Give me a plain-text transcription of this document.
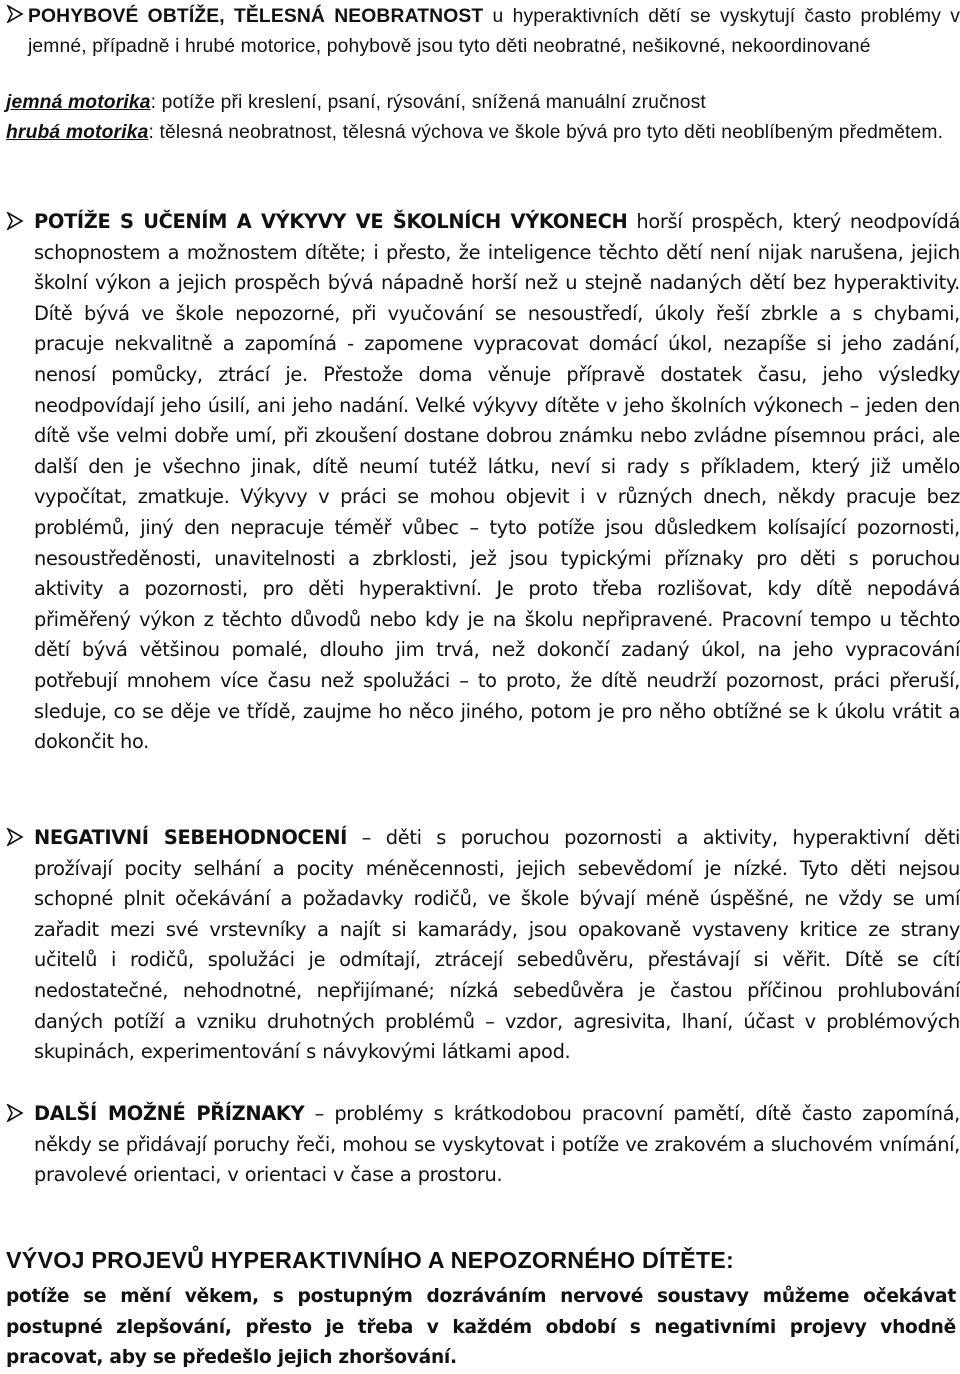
POHYBOVÉ OBTÍŽE, TĚLESNÁ NEOBRATNOST u hyperaktivních dětí se vyskytují často problémy v jemné, případně i hrubé motorice, pohybově jsou tyto děti neobratné, nešikovné, nekoordinované
jemná motorika: potíže při kreslení, psaní, rýsování, snížená manuální zručnost
hrubá motorika: tělesná neobratnost, tělesná výchova ve škole bývá pro tyto děti neoblíbeným předmětem.
POTÍŽE S UČENÍM A VÝKYVY VE ŠKOLNÍCH VÝKONECH horší prospěch, který neodpovídá schopnostem a možnostem dítěte; i přesto, že inteligence těchto dětí není nijak narušena, jejich školní výkon a jejich prospěch bývá nápadně horší než u stejně nadaných dětí bez hyperaktivity. Dítě bývá ve škole nepozorné, při vyučování se nesoustředí, úkoly řeší zbrkle a s chybami, pracuje nekvalitně a zapomíná - zapomene vypracovat domácí úkol, nezapíše si jeho zadání, nenosí pomůcky, ztrácí je. Přestože doma věnuje přípravě dostatek času, jeho výsledky neodpovídají jeho úsilí, ani jeho nadání. Velké výkyvy dítěte v jeho školních výkonech – jeden den dítě vše velmi dobře umí, při zkoušení dostane dobrou známku nebo zvládne písemnou práci, ale další den je všechno jinak, dítě neumí tutéž látku, neví si rady s příkladem, který již umělo vypočítat, zmatkuje. Výkyvy v práci se mohou objevit i v různých dnech, někdy pracuje bez problémů, jiný den nepracuje téměř vůbec – tyto potíže jsou důsledkem kolísající pozornosti, nesoustředěnosti, unavitelnosti a zbrklosti, jež jsou typickými příznaky pro děti s poruchou aktivity a pozornosti, pro děti hyperaktivní. Je proto třeba rozlišovat, kdy dítě nepodává přiměřený výkon z těchto důvodů nebo kdy je na školu nepřipravené. Pracovní tempo u těchto dětí bývá většinou pomalé, dlouho jim trvá, než dokončí zadaný úkol, na jeho vypracování potřebují mnohem více času než spolužáci – to proto, že dítě neudrží pozornost, práci přeruší, sleduje, co se děje ve třídě, zaujme ho něco jiného, potom je pro něho obtížné se k úkolu vrátit a dokončit ho.
NEGATIVNÍ SEBEHODNOCENÍ – děti s poruchou pozornosti a aktivity, hyperaktivní děti prožívají pocity selhání a pocity méněcennosti, jejich sebevědomí je nízké. Tyto děti nejsou schopné plnit očekávání a požadavky rodičů, ve škole bývají méně úspěšné, ne vždy se umí zařadit mezi své vrstevníky a najít si kamarády, jsou opakovaně vystaveny kritice ze strany učitelů i rodičů, spolužáci je odmítají, ztrácejí sebedůvěru, přestávají si věřit. Dítě se cítí nedostatečné, nehodnotné, nepřijímané; nízká sebedůvěra je častou příčinou prohlubování daných potíží a vzniku druhotných problémů – vzdor, agresivita, lhaní, účast v problémových skupinách, experimentování s návykovými látkami apod.
DALŠÍ MOŽNÉ PŘÍZNAKY – problémy s krátkodobou pracovní pamětí, dítě často zapomíná, někdy se přidávají poruchy řeči, mohou se vyskytovat i potíže ve zrakovém a sluchovém vnímání, pravolevé orientaci, v orientaci v čase a prostoru.
VÝVOJ PROJEVŮ HYPERAKTIVNÍHO A NEPOZORNÉHO DÍTĚTE:
potíže se mění věkem, s postupným dozráváním nervové soustavy můžeme očekávat postupné zlepšování, přesto je třeba v každém období s negativními projevy vhodně pracovat, aby se předešlo jejich zhoršování.
